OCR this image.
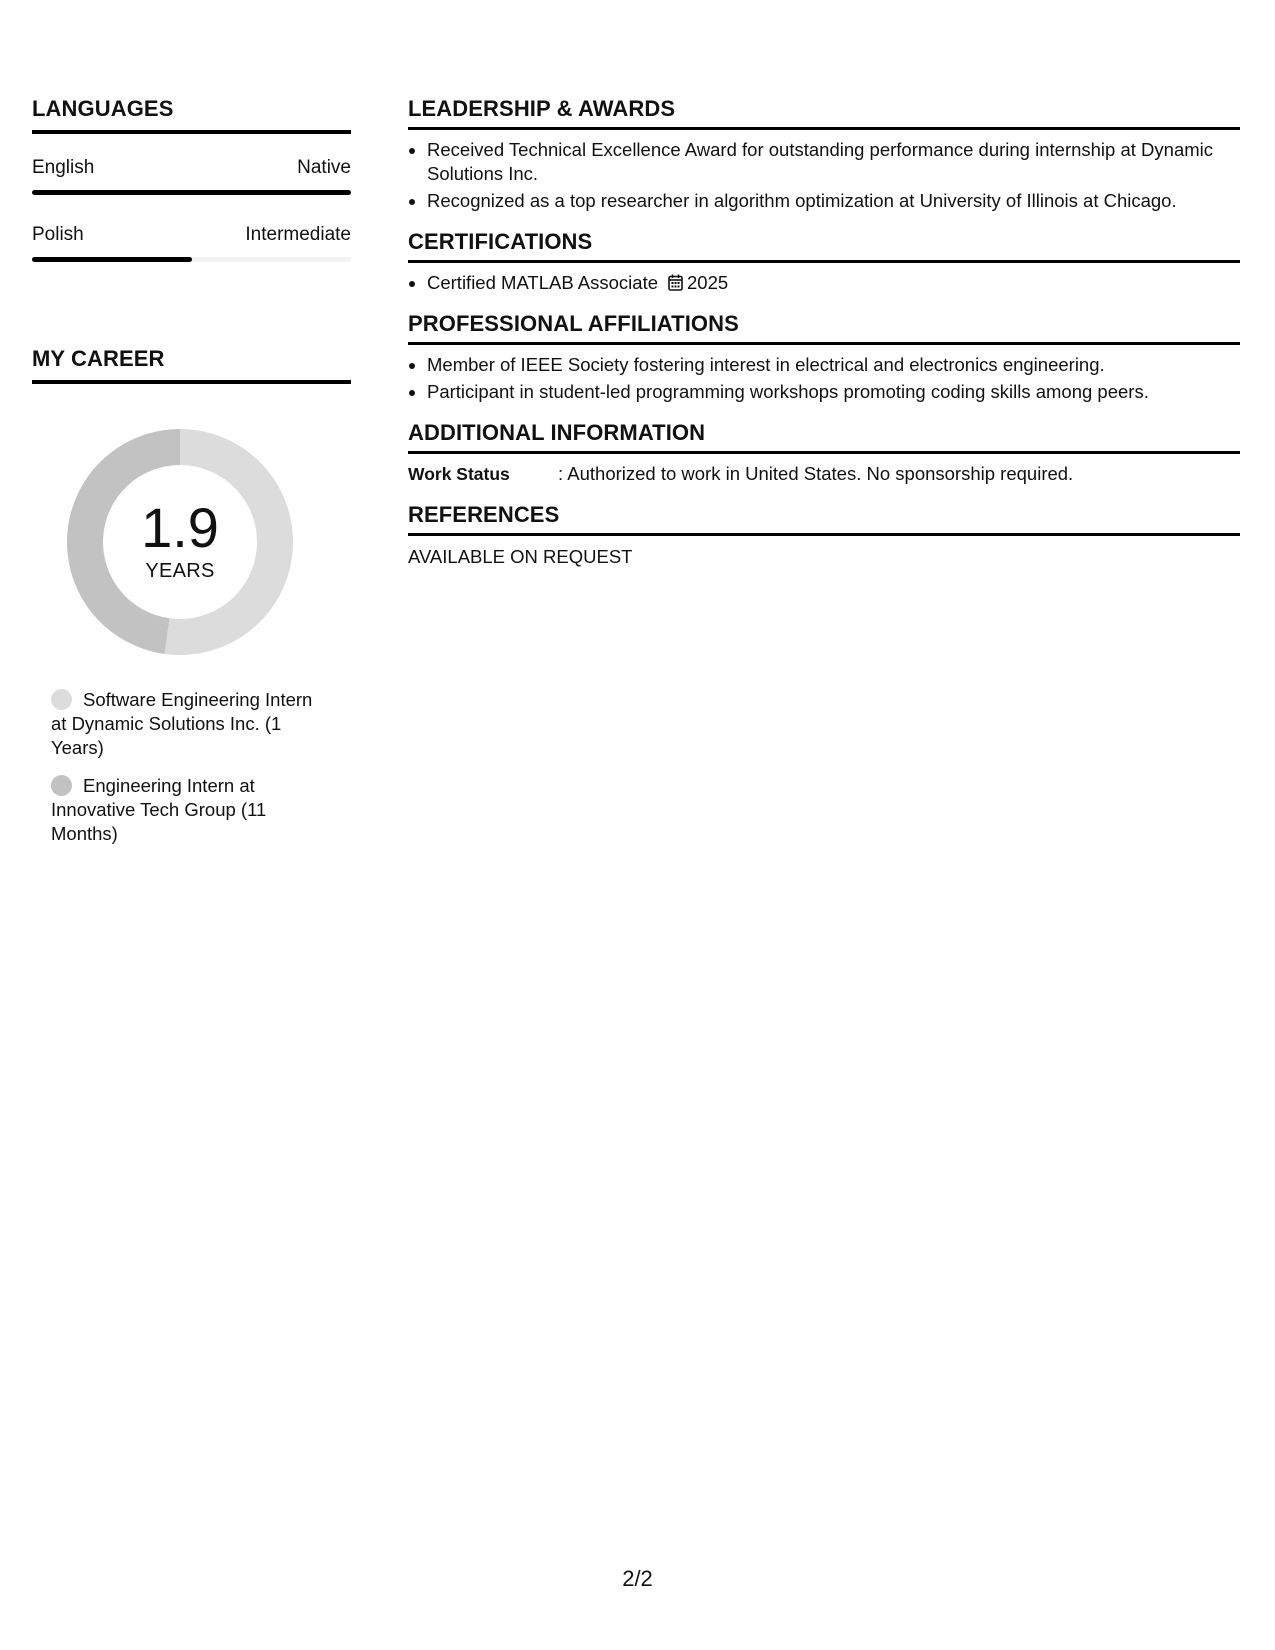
LANGUAGES
English	Native
Polish	Intermediate
MY CAREER
1.9
YEARS
Software Engineering Intern at Dynamic Solutions Inc. (1 Years)
Engineering Intern at Innovative Tech Group (11 Months)
LEADERSHIP & AWARDS
• Received Technical Excellence Award for outstanding performance during internship at Dynamic Solutions Inc.
• Recognized as a top researcher in algorithm optimization at University of Illinois at Chicago.
CERTIFICATIONS
• Certified MATLAB Associate 2025
PROFESSIONAL AFFILIATIONS
• Member of IEEE Society fostering interest in electrical and electronics engineering.
• Participant in student-led programming workshops promoting coding skills among peers.
ADDITIONAL INFORMATION
Work Status	: Authorized to work in United States. No sponsorship required.
REFERENCES
AVAILABLE ON REQUEST
2/2
